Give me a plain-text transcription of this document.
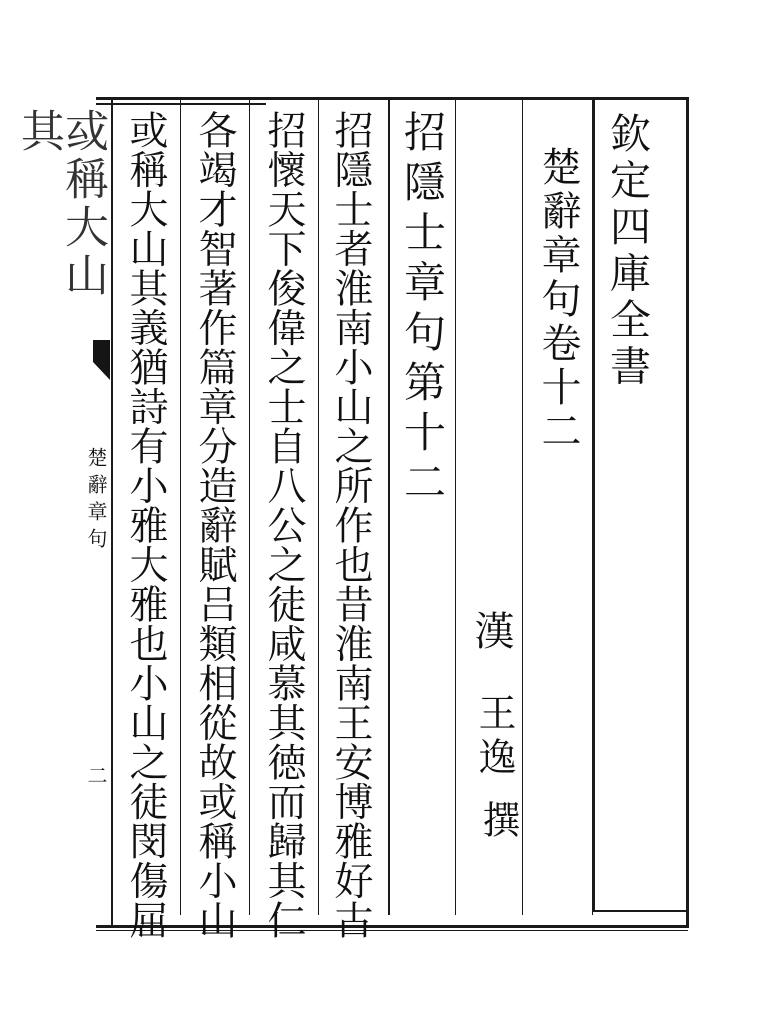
㦯稱大山其	欽定四庫全書
楚辭章句卷十二
漢
王逸
撰
招隱士章句第十二
招隱士者淮南小山之所作也昔淮南王安博雅好古
招懷天下俊偉之士自八公之徒咸慕其徳而歸其仁
各竭才智著作篇章分造辭賦吕類相從故或稱小山
或稱大山其義猶詩有小雅大雅也小山之徒閔傷屈
楚辭章句
二
